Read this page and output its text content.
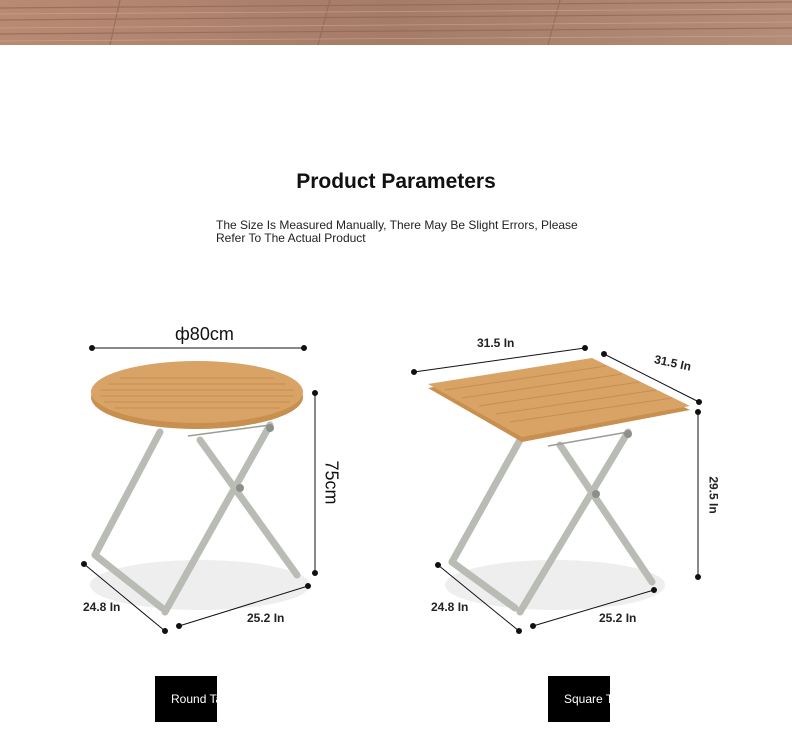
Product Parameters
The Size Is Measured Manually, There May Be Slight Errors, Please Refer To The Actual Product
ф80cm
75cm
24.8 In
25.2 In
31.5 In
31.5 In
29.5 In
24.8 In
25.2 In
Round Table	Square Table
